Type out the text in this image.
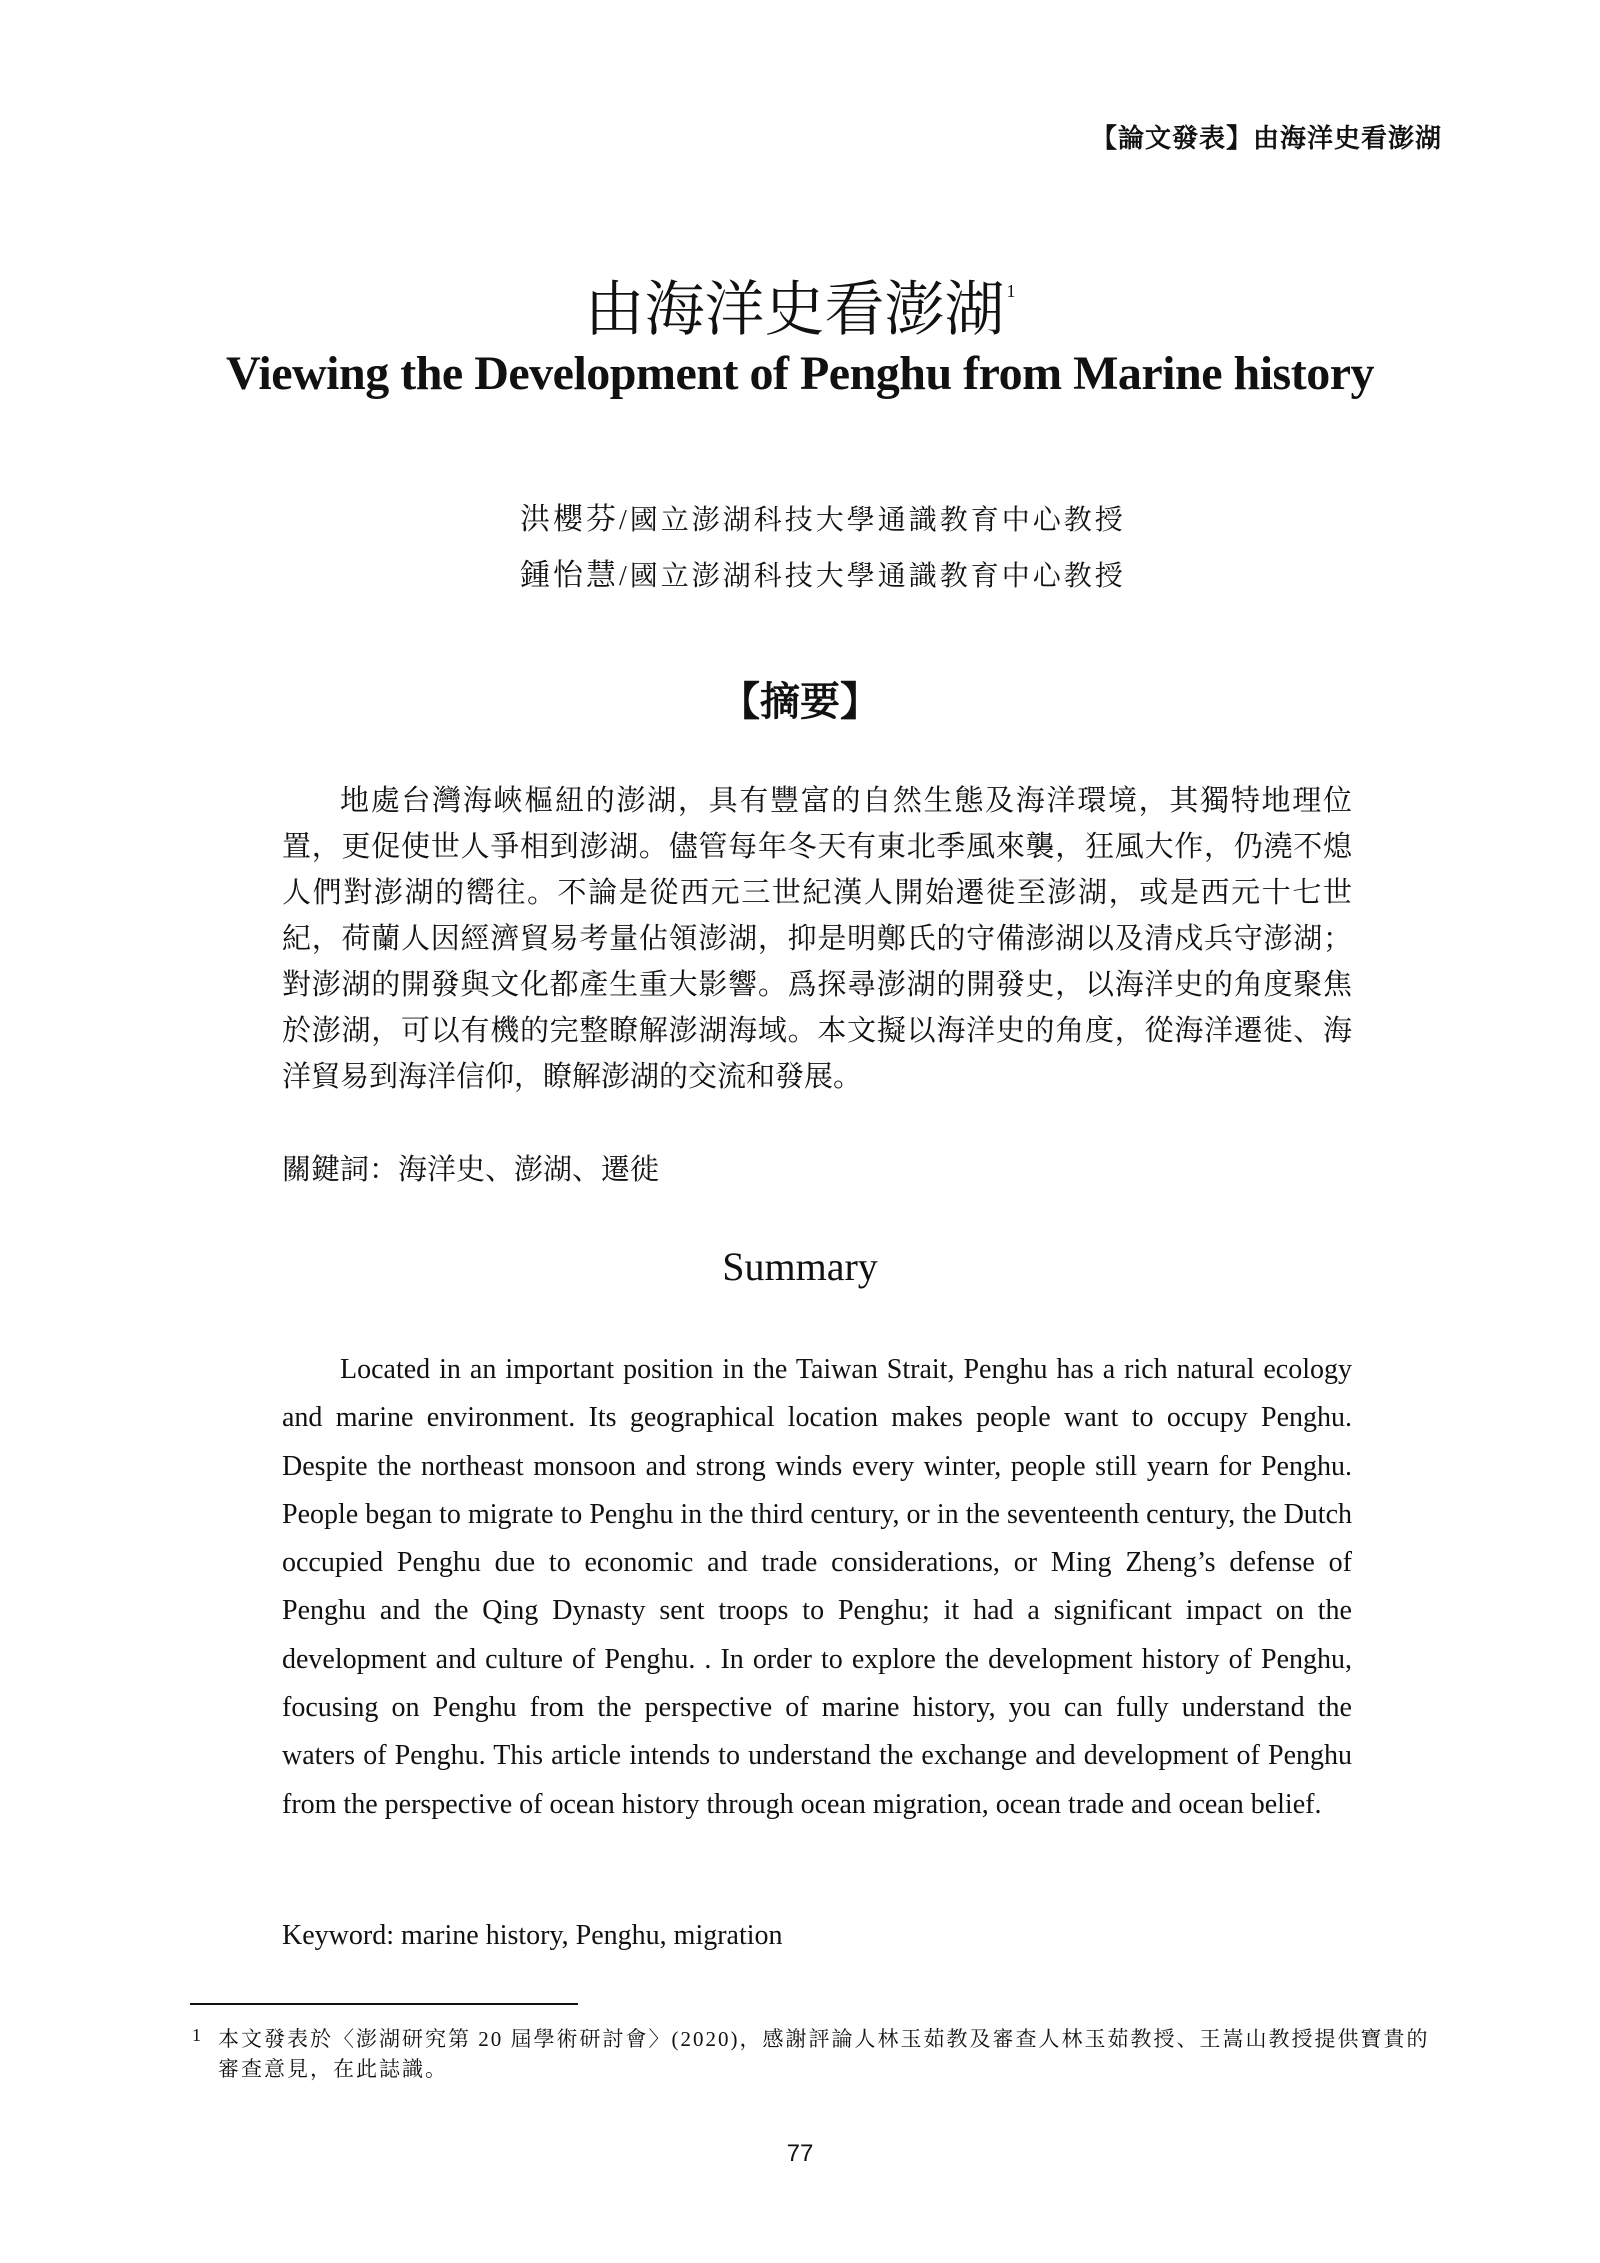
【論文發表】由海洋史看澎湖
由海洋史看澎湖 $^1$
Viewing the Development of Penghu from Marine history
洪櫻芬/國立澎湖科技大學通識教育中心教授
鍾怡慧/國立澎湖科技大學通識教育中心教授
【摘要】

地處台灣海峽樞紐的澎湖，具有豐富的自然生態及海洋環境，其獨特地理位置，更促使世人爭相到澎湖。儘管每年冬天有東北季風來襲，狂風大作，仍澆不熄人們對澎湖的嚮往。不論是從西元三世紀漢人開始遷徙至澎湖，或是西元十七世紀，荷蘭人因經濟貿易考量佔領澎湖，抑是明鄭氏的守備澎湖以及清戍兵守澎湖；對澎湖的開發與文化都產生重大影響。爲探尋澎湖的開發史，以海洋史的角度聚焦於澎湖，可以有機的完整瞭解澎湖海域。本文擬以海洋史的角度，從海洋遷徙、海洋貿易到海洋信仰，瞭解澎湖的交流和發展。

關鍵詞：海洋史、澎湖、遷徙
Summary

Located in an important position in the Taiwan Strait, Penghu has a rich natural ecology and marine environment. Its geographical location makes people want to occupy Penghu. Despite the northeast monsoon and strong winds every winter, people still yearn for Penghu. People began to migrate to Penghu in the third century, or in the seventeenth century, the Dutch occupied Penghu due to economic and trade considerations, or Ming Zheng’s defense of Penghu and the Qing Dynasty sent troops to Penghu; it had a significant impact on the development and culture of Penghu. . In order to explore the development history of Penghu, focusing on Penghu from the perspective of marine history, you can fully understand the waters of Penghu. This article intends to understand the exchange and development of Penghu from the perspective of ocean history through ocean migration, ocean trade and ocean belief.

Keyword: marine history, Penghu, migration
1 本文發表於〈澎湖研究第 20 屆學術研討會〉(2020)，感謝評論人林玉茹教及審查人林玉茹教授、王嵩山教授提供寶貴的審查意見，在此誌識。
77
